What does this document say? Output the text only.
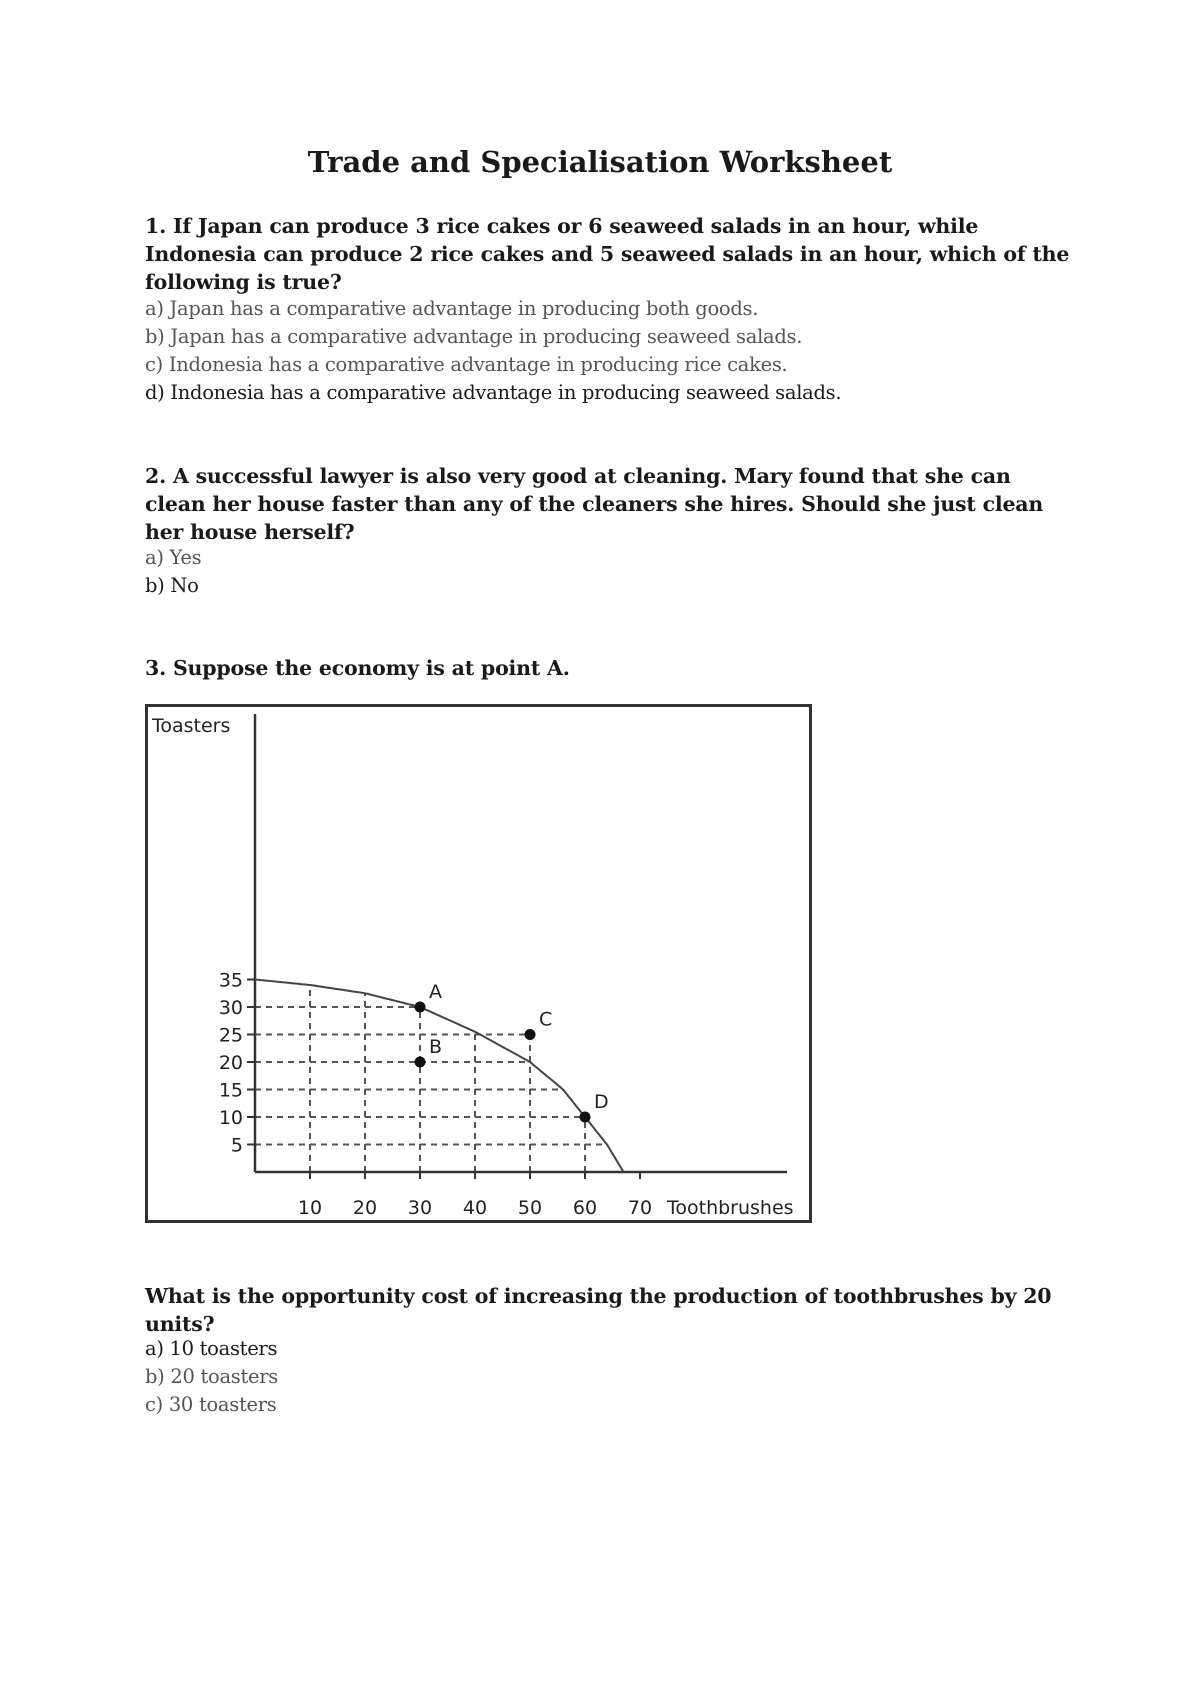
Trade and Specialisation Worksheet

1. If Japan can produce 3 rice cakes or 6 seaweed salads in an hour, while Indonesia can produce 2 rice cakes and 5 seaweed salads in an hour, which of the following is true?

a) Japan has a comparative advantage in producing both goods.
b) Japan has a comparative advantage in producing seaweed salads.
c) Indonesia has a comparative advantage in producing rice cakes.
d) Indonesia has a comparative advantage in producing seaweed salads.

2. A successful lawyer is also very good at cleaning. Mary found that she can clean her house faster than any of the cleaners she hires. Should she just clean her house herself?

a) Yes
b) No

3. Suppose the economy is at point A.

Toasters
5
10
15
20
25
30
35
10 20 30 40 50 60 70 Toothbrushes
A
B
C
D

What is the opportunity cost of increasing the production of toothbrushes by 20 units?

a) 10 toasters
b) 20 toasters
c) 30 toasters
